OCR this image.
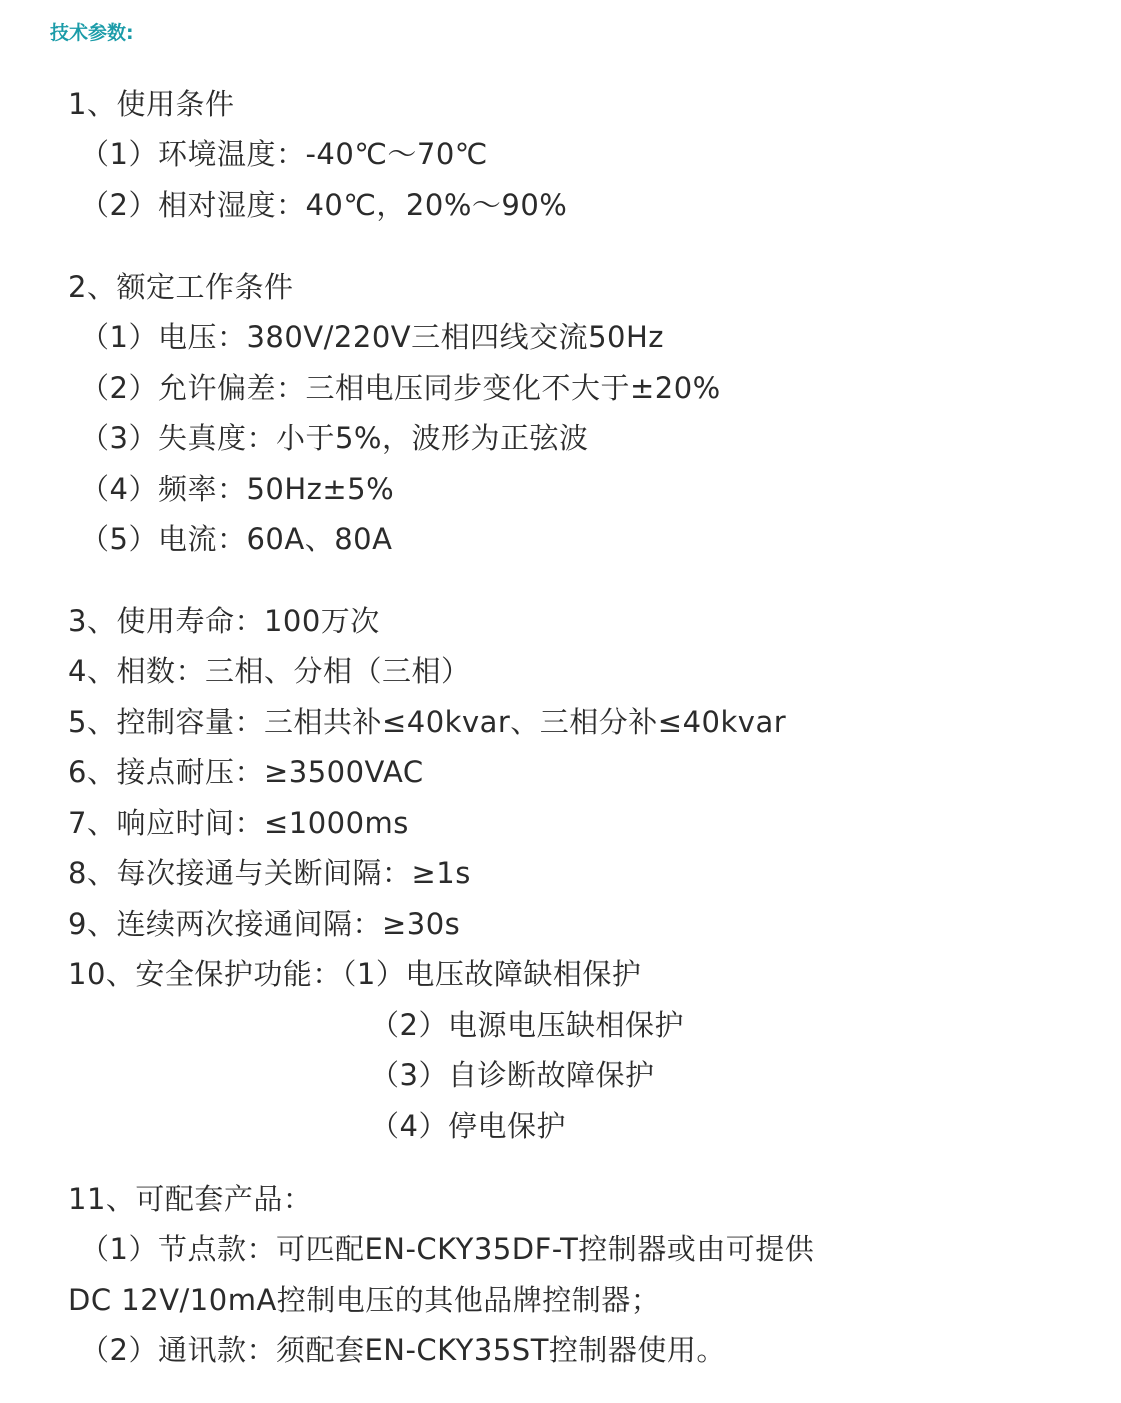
技术参数:
1、使用条件
（1）环境温度：-40℃～70℃
（2）相对湿度：40℃，20%～90%
2、额定工作条件
（1）电压：380V/220V三相四线交流50Hz
（2）允许偏差：三相电压同步变化不大于±20%
（3）失真度：小于5%，波形为正弦波
（4）频率：50Hz±5%
（5）电流：60A、80A
3、使用寿命：100万次
4、相数：三相、分相（三相）
5、控制容量：三相共补≤40kvar、三相分补≤40kvar
6、接点耐压：≥3500VAC
7、响应时间：≤1000ms
8、每次接通与关断间隔：≥1s
9、连续两次接通间隔：≥30s
10、安全保护功能：（1）电压故障缺相保护
（2）电源电压缺相保护
（3）自诊断故障保护
（4）停电保护
11、可配套产品：
（1）节点款：可匹配EN-CKY35DF-T控制器或由可提供
DC 12V/10mA控制电压的其他品牌控制器；
（2）通讯款：须配套EN-CKY35ST控制器使用。
